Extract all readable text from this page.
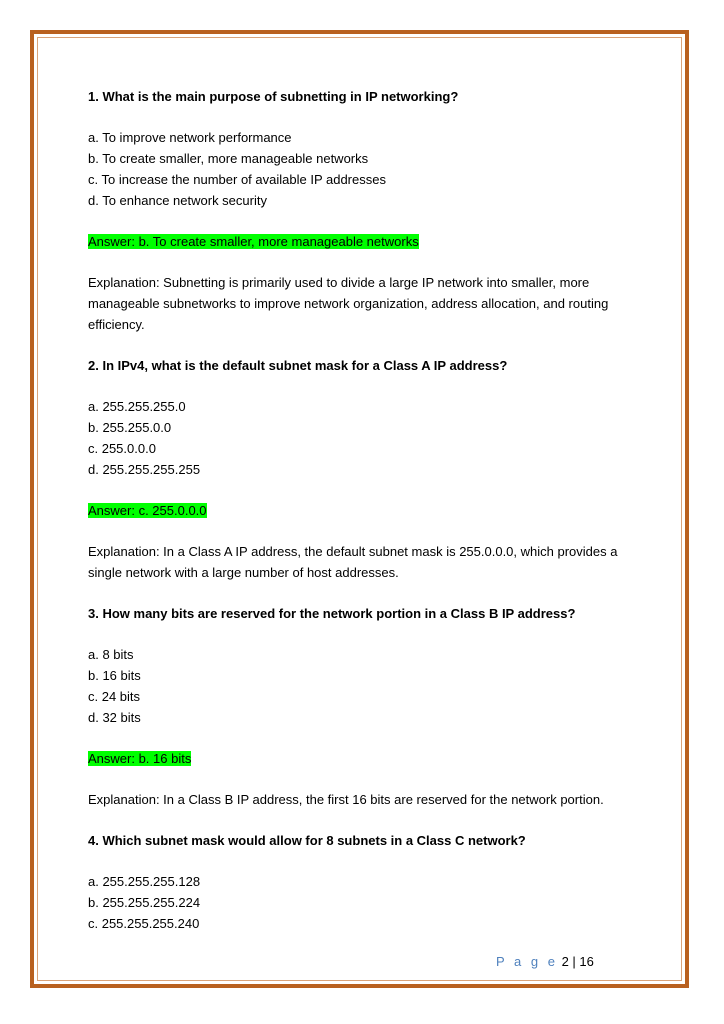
1. What is the main purpose of subnetting in IP networking?

a. To improve network performance
b. To create smaller, more manageable networks
c. To increase the number of available IP addresses
d. To enhance network security

Answer: b. To create smaller, more manageable networks

Explanation: Subnetting is primarily used to divide a large IP network into smaller, more manageable subnetworks to improve network organization, address allocation, and routing efficiency.

2. In IPv4, what is the default subnet mask for a Class A IP address?

a. 255.255.255.0
b. 255.255.0.0
c. 255.0.0.0
d. 255.255.255.255

Answer: c. 255.0.0.0

Explanation: In a Class A IP address, the default subnet mask is 255.0.0.0, which provides a single network with a large number of host addresses.

3. How many bits are reserved for the network portion in a Class B IP address?

a. 8 bits
b. 16 bits
c. 24 bits
d. 32 bits

Answer: b. 16 bits

Explanation: In a Class B IP address, the first 16 bits are reserved for the network portion.

4. Which subnet mask would allow for 8 subnets in a Class C network?

a. 255.255.255.128
b. 255.255.255.224
c. 255.255.255.240
P a g e 2 | 16
